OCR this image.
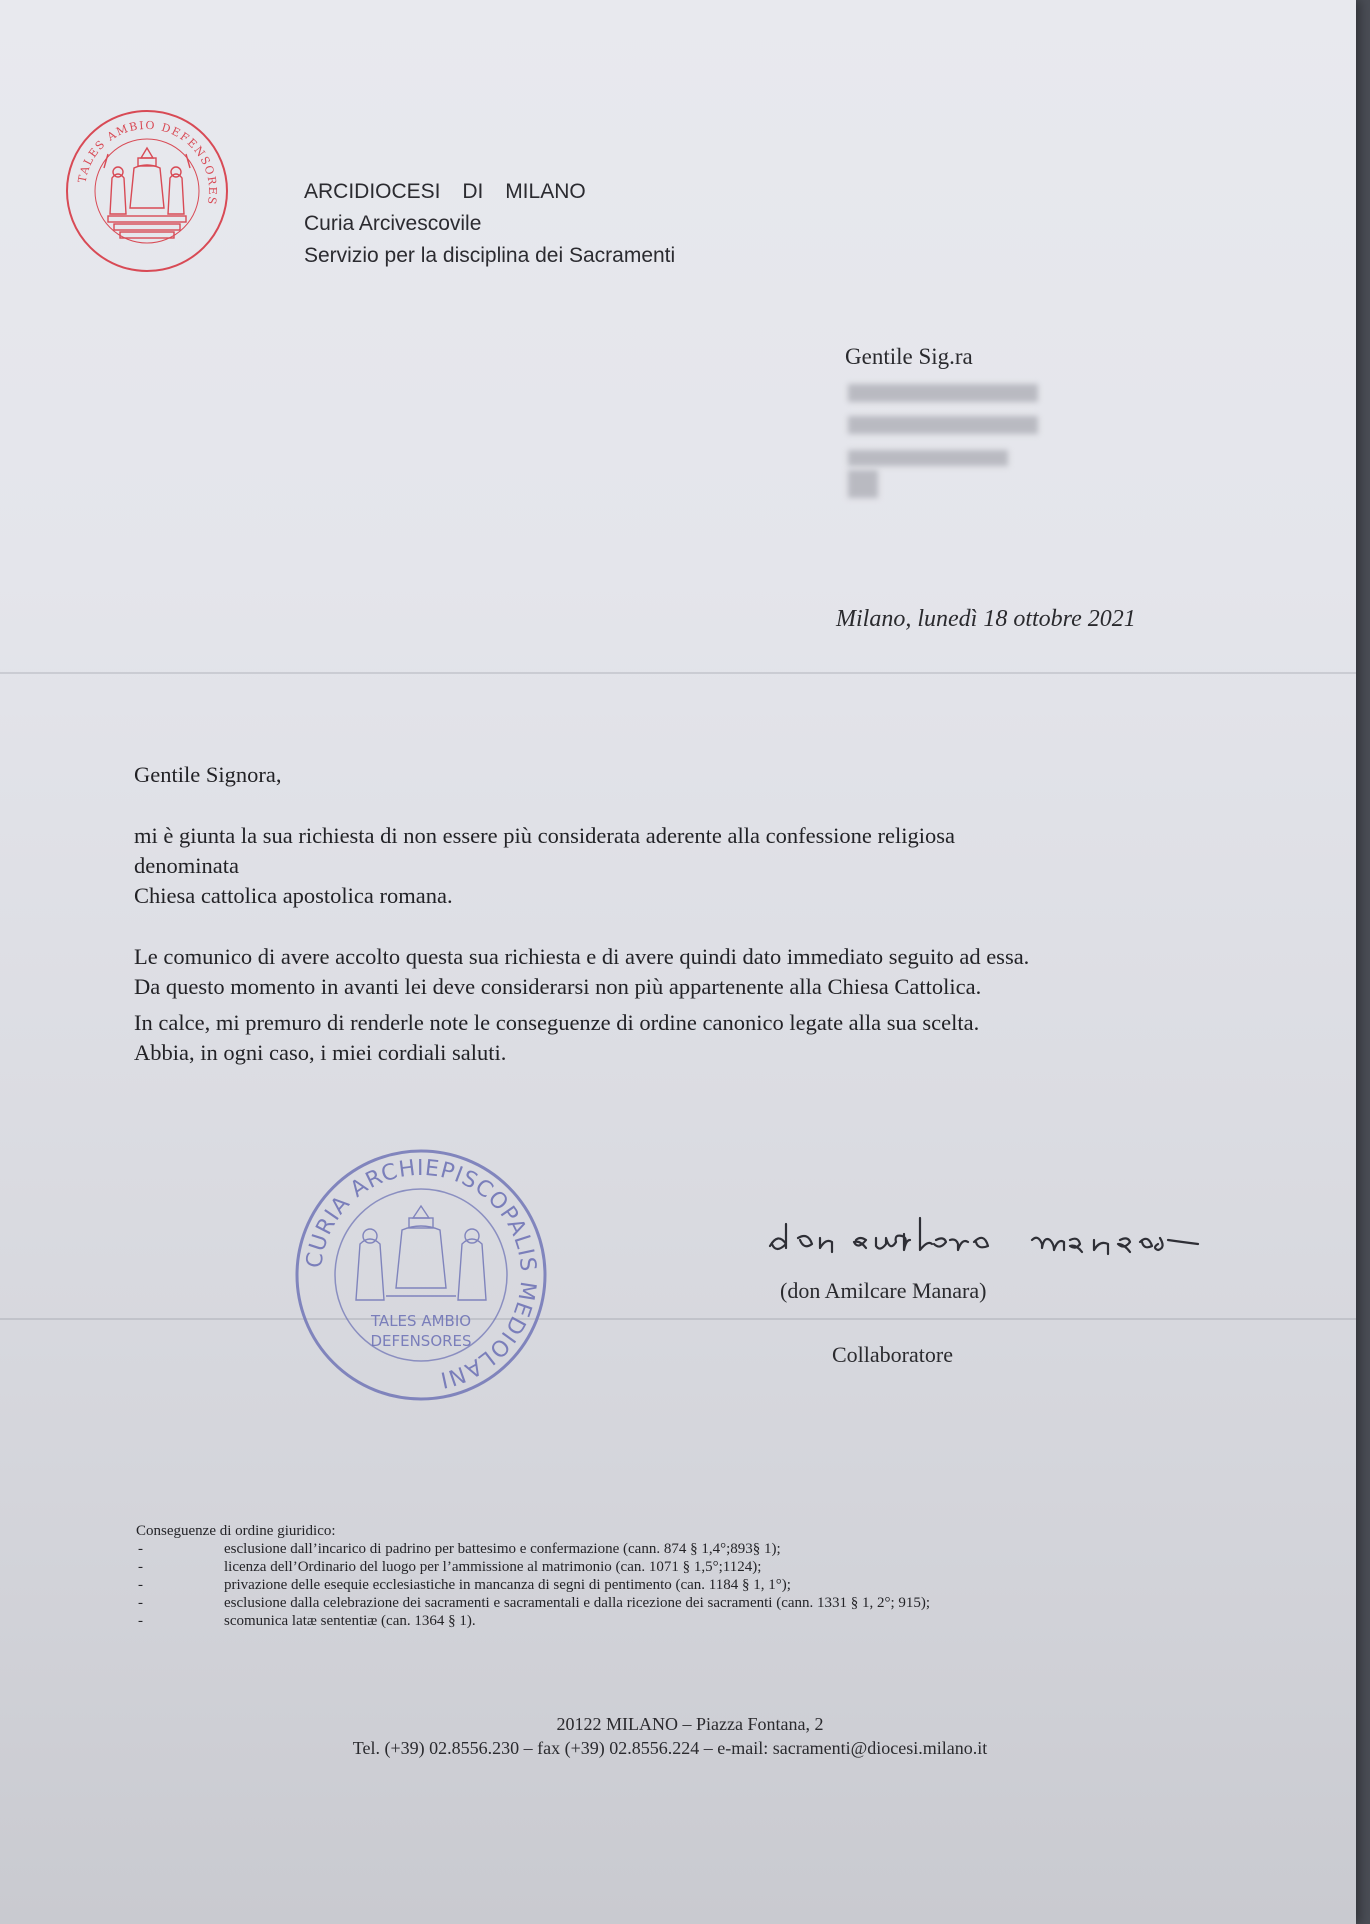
TALES AMBIO DEFENSORES	ARCIDIOCESI DI MILANO
Curia Arcivescovile
Servizio per la disciplina dei Sacramenti
Gentile Sig.ra
Milano, lunedì 18 ottobre 2021

Gentile Signora,

mi è giunta la sua richiesta di non essere più considerata aderente alla confessione religiosa

denominata

Chiesa cattolica apostolica romana.

Le comunico di avere accolto questa sua richiesta e di avere quindi dato immediato seguito ad essa.

Da questo momento in avanti lei deve considerarsi non più appartenente alla Chiesa Cattolica.

In calce, mi premuro di renderle note le conseguenze di ordine canonico legate alla sua scelta.

Abbia, in ogni caso, i miei cordiali saluti.

CURIA ARCHIEPISCOPALIS MEDIOLANI
TALES AMBIO
DEFENSORES
(don Amilcare Manara)
Collaboratore
Conseguenze di ordine giuridico:
-	esclusione dall’incarico di padrino per battesimo e confermazione (cann. 874 § 1,4°;893§ 1);
-	licenza dell’Ordinario del luogo per l’ammissione al matrimonio (can. 1071 § 1,5°;1124);
-	privazione delle esequie ecclesiastiche in mancanza di segni di pentimento (can. 1184 § 1, 1°);
-	esclusione dalla celebrazione dei sacramenti e sacramentali e dalla ricezione dei sacramenti (cann. 1331 § 1, 2°; 915);
-	scomunica latæ sententiæ (can. 1364 § 1).
20122 MILANO – Piazza Fontana, 2
Tel. (+39) 02.8556.230 – fax (+39) 02.8556.224 – e-mail: sacramenti@diocesi.milano.it
